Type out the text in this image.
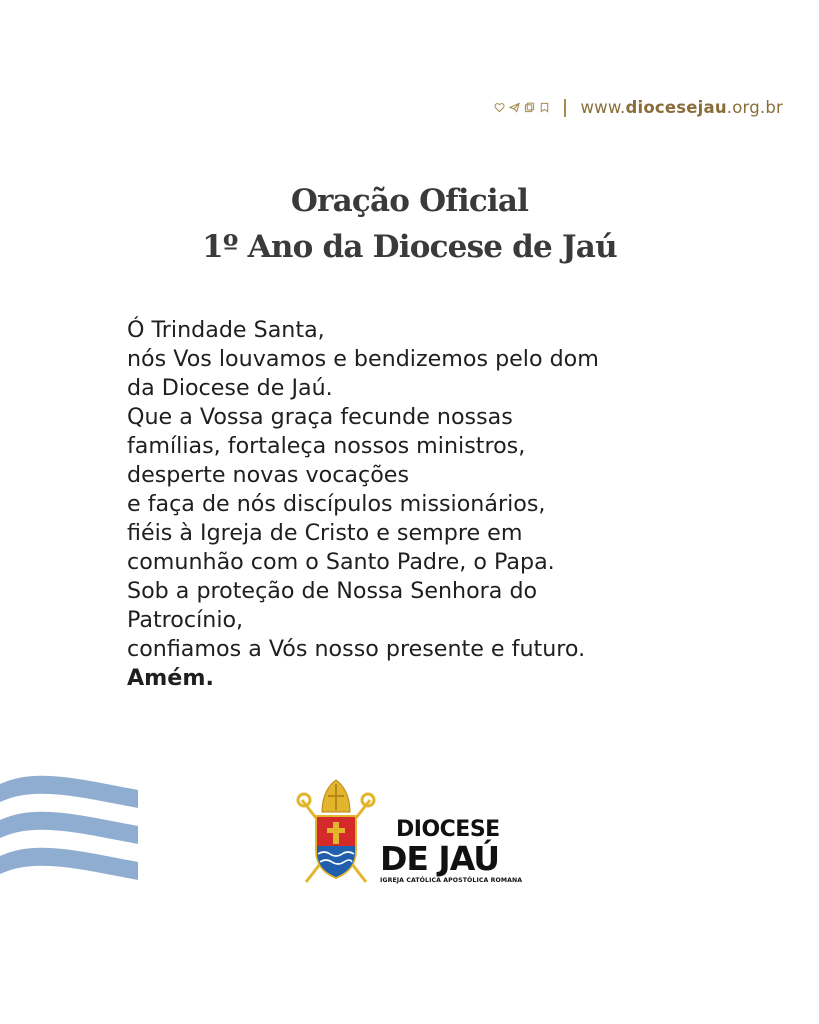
www.diocesejau.org.br
Oração Oficial
1º Ano da Diocese de Jaú
Ó Trindade Santa,
nós Vos louvamos e bendizemos pelo dom
da Diocese de Jaú.
Que a Vossa graça fecunde nossas
famílias, fortaleça nossos ministros,
desperte novas vocações
e faça de nós discípulos missionários,
fiéis à Igreja de Cristo e sempre em
comunhão com o Santo Padre, o Papa.
Sob a proteção de Nossa Senhora do
Patrocínio,
confiamos a Vós nosso presente e futuro.
Amém.
DIOCESE
DE JAÚ
IGREJA CATÓLICA APOSTÓLICA ROMANA
